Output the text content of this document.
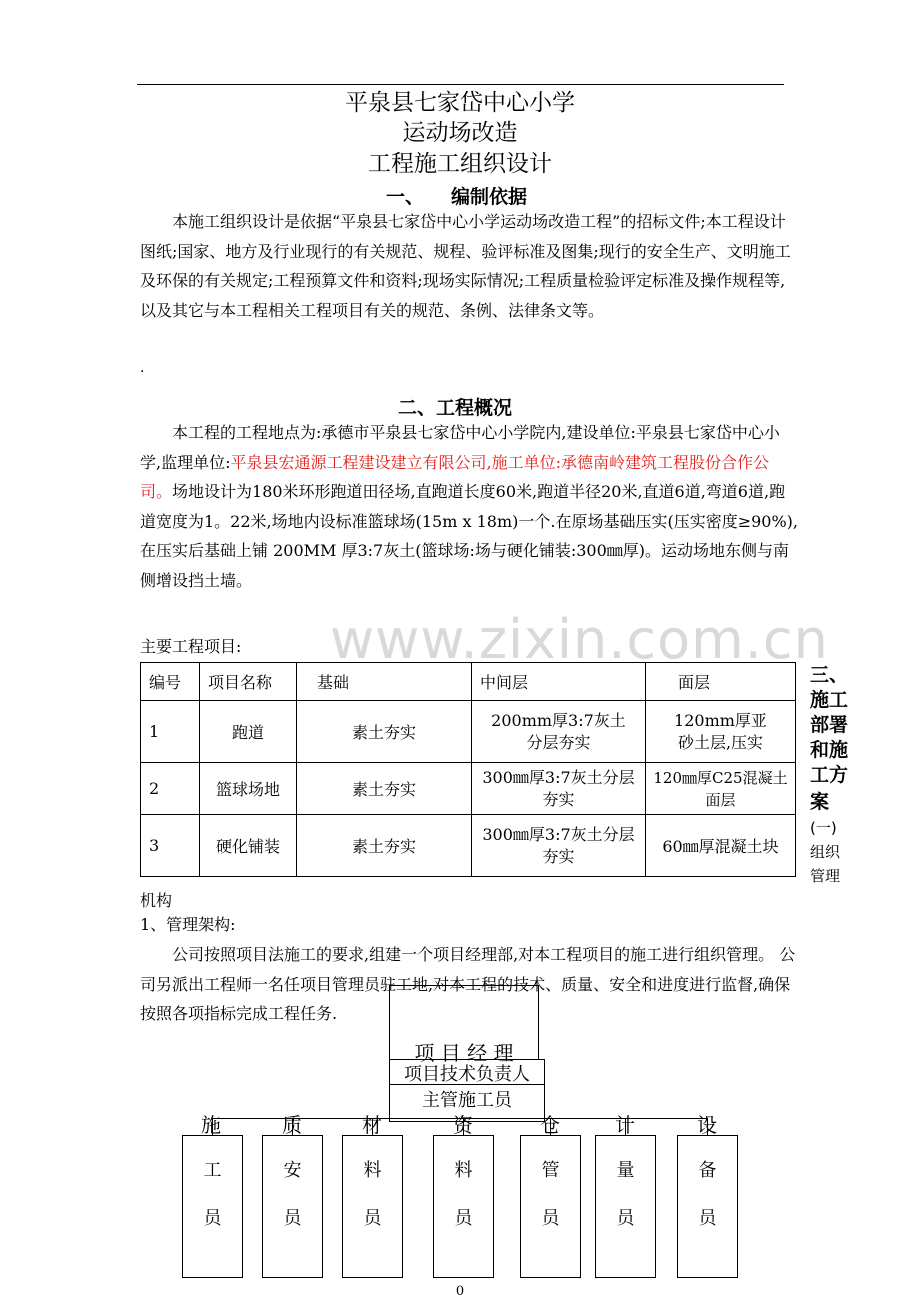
平泉县七家岱中心小学
运动场改造
工程施工组织设计
一、 编制依据

本施工组织设计是依据“平泉县七家岱中心小学运动场改造工程”的招标文件;本工程设计图纸;国家、地方及行业现行的有关规范、规程、验评标准及图集;现行的安全生产、文明施工及环保的有关规定;工程预算文件和资料;现场实际情况;工程质量检验评定标准及操作规程等,以及其它与本工程相关工程项目有关的规范、条例、法律条文等。

.
二、工程概况

本工程的工程地点为:承德市平泉县七家岱中心小学院内,建设单位:平泉县七家岱中心小学,监理单位:平泉县宏通源工程建设建立有限公司,施工单位:承德南岭建筑工程股份合作公司。场地设计为180米环形跑道田径场,直跑道长度60米,跑道半径20米,直道6道,弯道6道,跑道宽度为1。22米,场地内设标准篮球场(15m x 18m)一个.在原场基础压实(压实密度≥90%),在压实后基础上铺 200MM 厚3:7灰土(篮球场:场与硬化铺装:300㎜厚)。运动场地东侧与南侧增设挡土墙。

www.zixin.com.cn
主要工程项目:
编号	项目名称	基础	中间层	面层
1	跑道	素土夯实	200mm厚3:7灰土分层夯实	120mm厚亚砂土层,压实
2	篮球场地	素土夯实	300㎜厚3:7灰土分层夯实	120㎜厚C25混凝土面层
3	硬化铺装	素土夯实	300㎜厚3:7灰土分层夯实	60㎜厚混凝土块
三、
施工
部署
和施
工方
案
(一)
组织
管理
机构
1、管理架构:

公司按照项目法施工的要求,组建一个项目经理部,对本工程项目的施工进行组织管理。 公司另派出工程师一名任项目管理员驻工地,对本工程的技术、质量、安全和进度进行监督,确保按照各项指标完成工程任务.

项 目 经 理
项目技术负责人
主管施工员
施	质	材	资	仓	计	设
工
员
安
员
料
员
料
员
管
员
量
员
备
员
0
